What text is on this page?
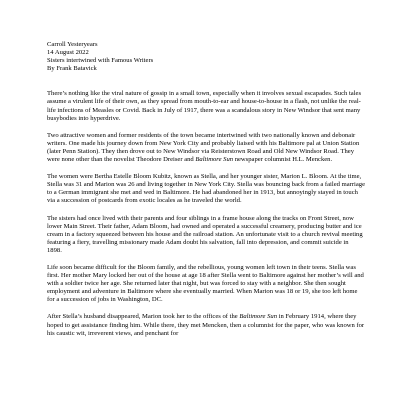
Carroll Yesteryears
14 August 2022
Sisters intertwined with Famous Writers
By Frank Batavick

There’s nothing like the viral nature of gossip in a small town, especially when it involves sexual escapades. Such tales assume a virulent life of their own, as they spread from mouth-to-ear and house-to-house in a flash, not unlike the real-life infections of Measles or Covid. Back in July of 1917, there was a scandalous story in New Windsor that sent many busybodies into hyperdrive.

Two attractive women and former residents of the town became intertwined with two nationally known and debonair writers. One made his journey down from New York City and probably liaised with his Baltimore pal at Union Station (later Penn Station). They then drove out to New Windsor via Reisterstown Road and Old New Windsor Road. They were none other than the novelist Theodore Dreiser and Baltimore Sun newspaper columnist H.L. Mencken.

The women were Bertha Estelle Bloom Kubitz, known as Stella, and her younger sister, Marion L. Bloom. At the time, Stella was 31 and Marion was 26 and living together in New York City. Stella was bouncing back from a failed marriage to a German immigrant she met and wed in Baltimore. He had abandoned her in 1913, but annoyingly stayed in touch via a succession of postcards from exotic locales as he traveled the world.

The sisters had once lived with their parents and four siblings in a frame house along the tracks on Front Street, now lower Main Street. Their father, Adam Bloom, had owned and operated a successful creamery, producing butter and ice cream in a factory squeezed between his house and the railroad station. An unfortunate visit to a church revival meeting featuring a fiery, travelling missionary made Adam doubt his salvation, fall into depression, and commit suicide in 1898.

Life soon became difficult for the Bloom family, and the rebellious, young women left town in their teens. Stella was first. Her mother Mary locked her out of the house at age 18 after Stella went to Baltimore against her mother’s will and with a soldier twice her age. She returned later that night, but was forced to stay with a neighbor. She then sought employment and adventure in Baltimore where she eventually married. When Marion was 18 or 19, she too left home for a succession of jobs in Washington, DC.

After Stella’s husband disappeared, Marion took her to the offices of the Baltimore Sun in February 1914, where they hoped to get assistance finding him. While there, they met Mencken, then a columnist for the paper, who was known for his caustic wit, irreverent views, and penchant for
